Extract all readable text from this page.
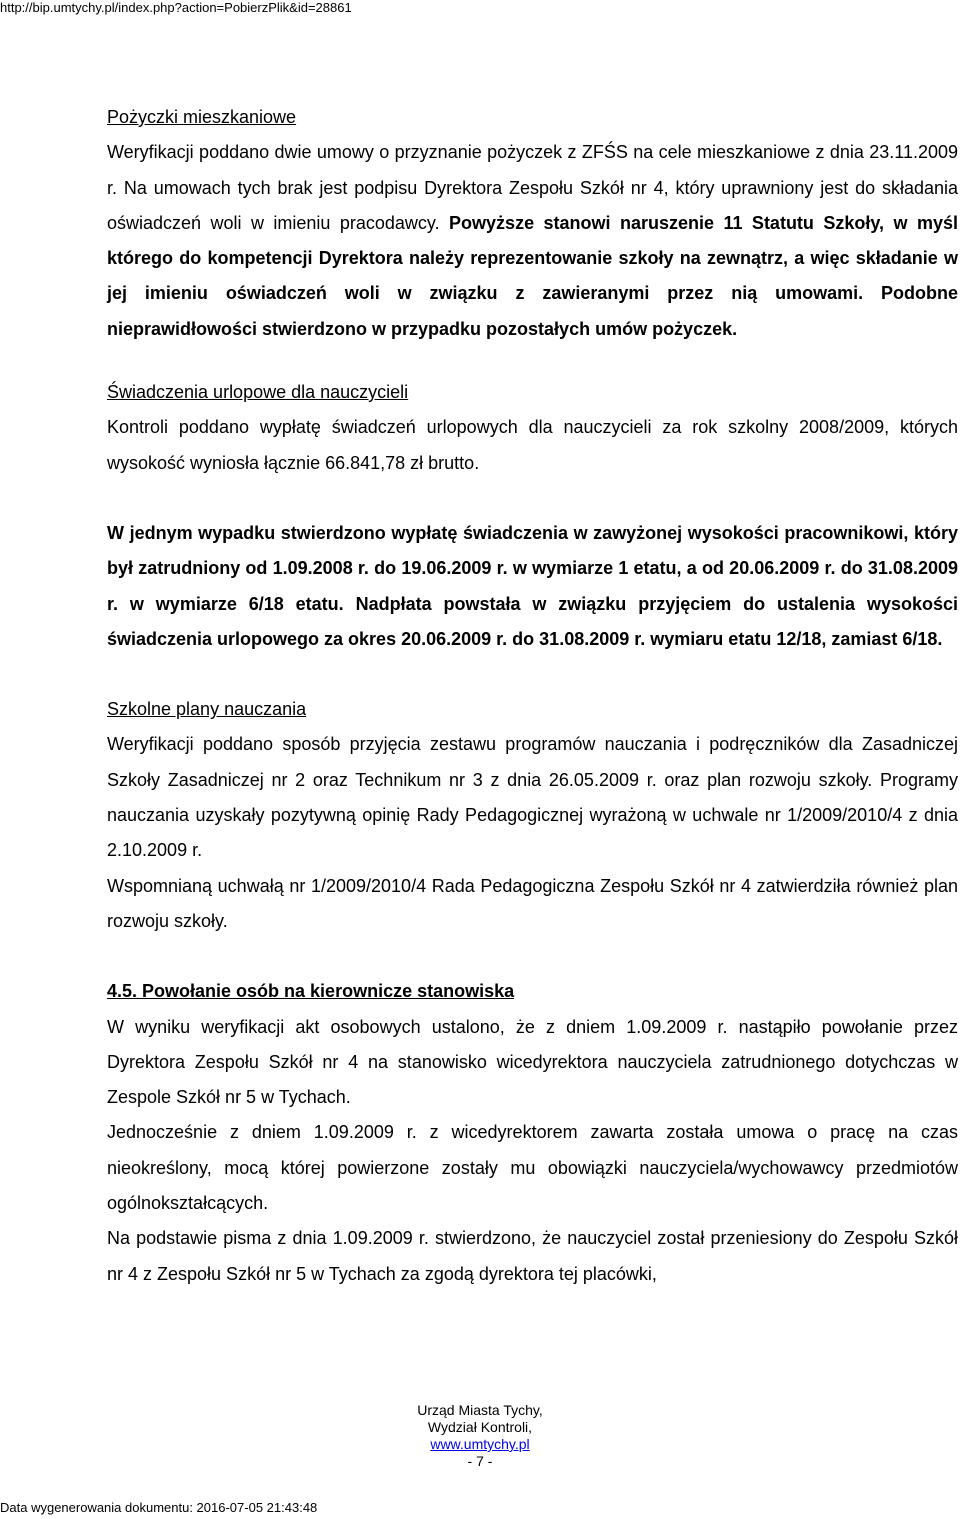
http://bip.umtychy.pl/index.php?action=PobierzPlik&id=28861

Pożyczki mieszkaniowe

Weryfikacji poddano dwie umowy o przyznanie pożyczek z ZFŚS na cele mieszkaniowe z dnia 23.11.2009 r. Na umowach tych brak jest podpisu Dyrektora Zespołu Szkół nr 4, który uprawniony jest do składania oświadczeń woli w imieniu pracodawcy. Powyższe stanowi naruszenie 11 Statutu Szkoły, w myśl którego do kompetencji Dyrektora należy reprezentowanie szkoły na zewnątrz, a więc składanie w jej imieniu oświadczeń woli w związku z zawieranymi przez nią umowami. Podobne nieprawidłowości stwierdzono w przypadku pozostałych umów pożyczek.

Świadczenia urlopowe dla nauczycieli

Kontroli poddano wypłatę świadczeń urlopowych dla nauczycieli za rok szkolny 2008/2009, których wysokość wyniosła łącznie 66.841,78 zł brutto.

W jednym wypadku stwierdzono wypłatę świadczenia w zawyżonej wysokości pracownikowi, który był zatrudniony od 1.09.2008 r. do 19.06.2009 r. w wymiarze 1 etatu, a od 20.06.2009 r. do 31.08.2009 r. w wymiarze 6/18 etatu. Nadpłata powstała w związku przyjęciem do ustalenia wysokości świadczenia urlopowego za okres 20.06.2009 r. do 31.08.2009 r. wymiaru etatu 12/18, zamiast 6/18.

Szkolne plany nauczania

Weryfikacji poddano sposób przyjęcia zestawu programów nauczania i podręczników dla Zasadniczej Szkoły Zasadniczej nr 2 oraz Technikum nr 3 z dnia 26.05.2009 r. oraz plan rozwoju szkoły. Programy nauczania uzyskały pozytywną opinię Rady Pedagogicznej wyrażoną w uchwale nr 1/2009/2010/4 z dnia 2.10.2009 r.

Wspomnianą uchwałą nr 1/2009/2010/4 Rada Pedagogiczna Zespołu Szkół nr 4 zatwierdziła również plan rozwoju szkoły.

4.5. Powołanie osób na kierownicze stanowiska

W wyniku weryfikacji akt osobowych ustalono, że z dniem 1.09.2009 r. nastąpiło powołanie przez Dyrektora Zespołu Szkół nr 4 na stanowisko wicedyrektora nauczyciela zatrudnionego dotychczas w Zespole Szkół nr 5 w Tychach.

Jednocześnie z dniem 1.09.2009 r. z wicedyrektorem zawarta została umowa o pracę na czas nieokreślony, mocą której powierzone zostały mu obowiązki nauczyciela/wychowawcy przedmiotów ogólnokształcących.

Na podstawie pisma z dnia 1.09.2009 r. stwierdzono, że nauczyciel został przeniesiony do Zespołu Szkół nr 4 z Zespołu Szkół nr 5 w Tychach za zgodą dyrektora tej placówki,

Urząd Miasta Tychy,
Wydział Kontroli,
www.umtychy.pl
- 7 -
Data wygenerowania dokumentu: 2016-07-05 21:43:48
